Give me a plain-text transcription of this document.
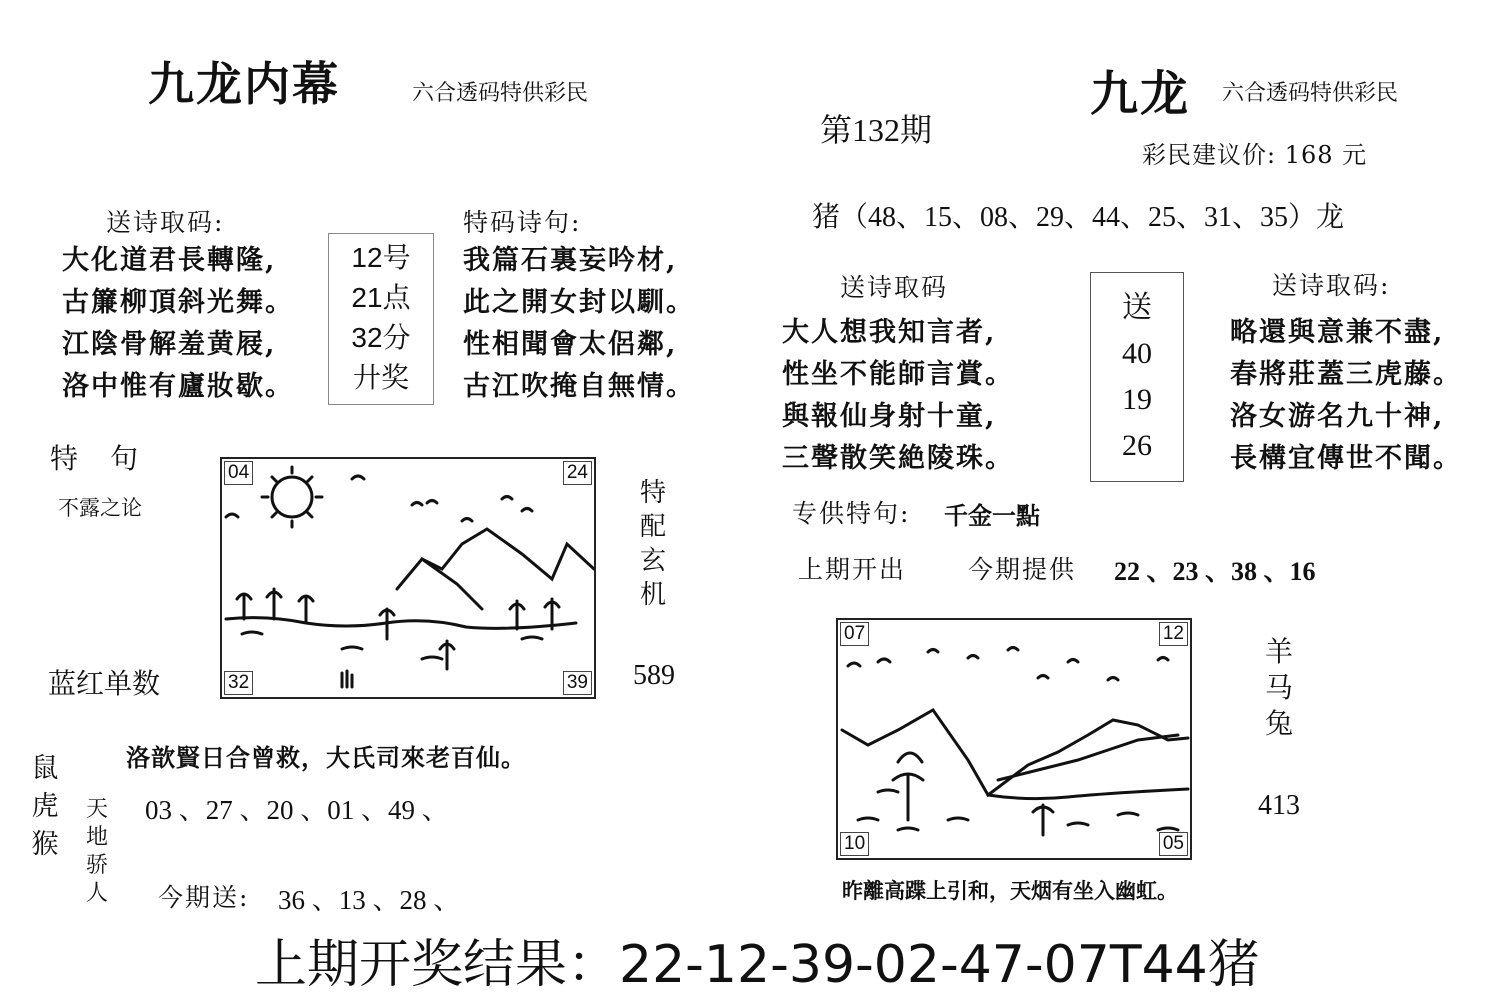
九龙内幕	六合透码特供彩民
送诗取码:
大化道君長轉隆,
古簾柳頂斜光舞。
江陰骨解羞黄屐,
洛中惟有廬妝歇。
12号
21点
32分
廾奖
特码诗句:
我篇石裏妄吟材,
此之開女封以馴。
性相聞會太侶鄰,
古江吹掩自無情。
特　句
不露之论
04	24
32	39
特配玄机
蓝红单数	589
洛歆賢日合曾救，大氏司來老百仙。
鼠虎猴
天地骄人
03 、27 、20 、01 、49 、
今期送: 36 、13 、28 、
第132期
九龙 六合透码特供彩民
彩民建议价: 168 元
猪（48、15、08、29、44、25、31、35）龙
送诗取码
大人想我知言者,
性坐不能師言賞。
與報仙身射十童,
三聲散笑絶陵珠。
送
40
19
26
送诗取码:
略還與意兼不盡,
春將莊蓋三虎藤。
洛女游名九十神,
長構宜傳世不聞。
专供特句: 千金一點
上期开出 今期提供 22 、23 、38 、16
07	12
10	05
羊马兔
413
昨離高蹀上引和，天烟有坐入幽虹。
上期开奖结果：22-12-39-02-47-07T44猪
